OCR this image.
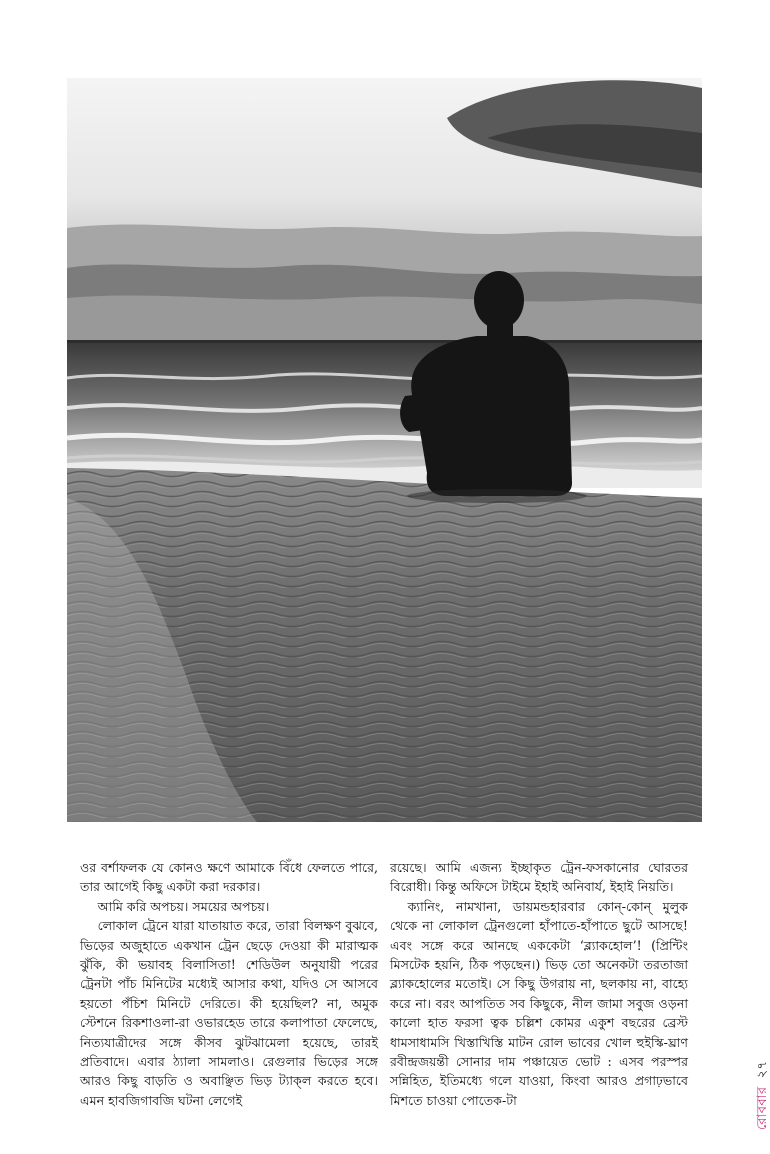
ওর বর্শাফলক যে কোনও ক্ষণে আমাকে বিঁধে ফেলতে পারে, তার আগেই কিছু একটা করা দরকার।

আমি করি অপচয়। সময়ের অপচয়।

লোকাল ট্রেনে যারা যাতায়াত করে, তারা বিলক্ষণ বুঝবে, ভিড়ের অজুহাতে একখান ট্রেন ছেড়ে দেওয়া কী মারাত্মক ঝুঁকি, কী ভয়াবহ বিলাসিতা! শেডিউল অনুযায়ী পরের ট্রেনটা পাঁচ মিনিটের মধ্যেই আসার কথা, যদিও সে আসবে হয়তো পঁচিশ মিনিটে দেরিতে। কী হয়েছিল? না, অমুক স্টেশনে রিকশাওলা-রা ওভারহেড তারে কলাপাতা ফেলেছে, নিত্যযাত্রীদের সঙ্গে কীসব ঝুটঝামেলা হয়েছে, তারই প্রতিবাদে। এবার ঠ্যালা সামলাও। রেগুলার ভিড়ের সঙ্গে আরও কিছু বাড়তি ও অবাঞ্ছিত ভিড় ট্যাক্‌ল করতে হবে। এমন হাবজিগাবজি ঘটনা লেগেই

রয়েছে। আমি এজন্য ইচ্ছাকৃত ট্রেন-ফসকানোর ঘোরতর বিরোধী। কিন্তু অফিসে টাইমে ইহাই অনিবার্য, ইহাই নিয়তি।

ক্যানিং, নামখানা, ডায়মন্ডহারবার কোন্-কোন্ মুলুক থেকে না লোকাল ট্রেনগুলো হাঁপাতে-হাঁপাতে ছুটে আসছে! এবং সঙ্গে করে আনছে এককেটা ‘ব্ল্যাকহোল’! (প্রিন্টিং মিসটেক হয়নি, ঠিক পড়ছেন।) ভিড় তো অনেকটা তরতাজা ব্ল্যাকহোলের মতোই। সে কিছু উগরায় না, ছলকায় না, বাহ্যে করে না। বরং আপতিত সব কিছুকে, নীল জামা সবুজ ওড়না কালো হাত ফরসা ত্বক চল্লিশ কোমর একুশ বছরের ব্রেস্ট ধামসাধামসি খিস্তাখিস্তি মাটন রোল ভাবের খোল হুইস্কি-ঘ্রাণ রবীন্দ্রজয়ন্তী সোনার দাম পঞ্চায়েত ভোট : এসব পরস্পর সন্নিহিত, ইতিমধ্যে গলে যাওয়া, কিংবা আরও প্রগাঢ়ভাবে মিশতে চাওয়া পোতেক-টা	রোববার২৭
